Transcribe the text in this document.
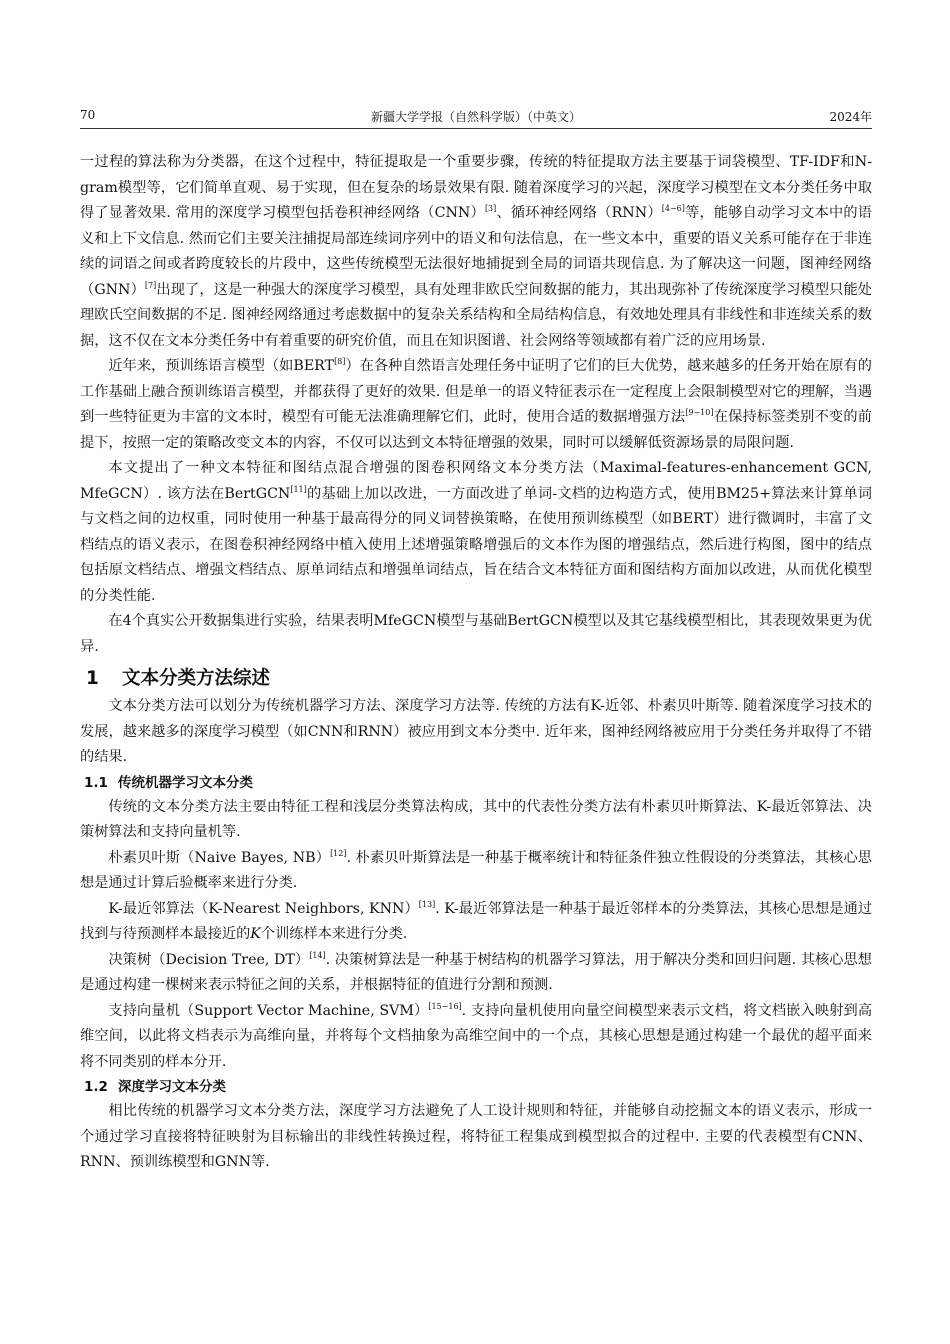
70	新疆大学学报（自然科学版）（中英文）	2024年

一过程的算法称为分类器，在这个过程中，特征提取是一个重要步骤，传统的特征提取方法主要基于词袋模型、TF-IDF和N-gram模型等，它们简单直观、易于实现，但在复杂的场景效果有限. 随着深度学习的兴起，深度学习模型在文本分类任务中取得了显著效果. 常用的深度学习模型包括卷积神经网络（CNN）[3]、循环神经网络（RNN）[4−6]等，能够自动学习文本中的语义和上下文信息. 然而它们主要关注捕捉局部连续词序列中的语义和句法信息，在一些文本中，重要的语义关系可能存在于非连续的词语之间或者跨度较长的片段中，这些传统模型无法很好地捕捉到全局的词语共现信息. 为了解决这一问题，图神经网络（GNN）[7]出现了，这是一种强大的深度学习模型，具有处理非欧氏空间数据的能力，其出现弥补了传统深度学习模型只能处理欧氏空间数据的不足. 图神经网络通过考虑数据中的复杂关系结构和全局结构信息，有效地处理具有非线性和非连续关系的数据，这不仅在文本分类任务中有着重要的研究价值，而且在知识图谱、社会网络等领域都有着广泛的应用场景.

近年来，预训练语言模型（如BERT[8]）在各种自然语言处理任务中证明了它们的巨大优势，越来越多的任务开始在原有的工作基础上融合预训练语言模型，并都获得了更好的效果. 但是单一的语义特征表示在一定程度上会限制模型对它的理解，当遇到一些特征更为丰富的文本时，模型有可能无法准确理解它们，此时，使用合适的数据增强方法[9−10]在保持标签类别不变的前提下，按照一定的策略改变文本的内容，不仅可以达到文本特征增强的效果，同时可以缓解低资源场景的局限问题.

本文提出了一种文本特征和图结点混合增强的图卷积网络文本分类方法（Maximal-features-enhancement GCN, MfeGCN）. 该方法在BertGCN[11]的基础上加以改进，一方面改进了单词-文档的边构造方式，使用BM25+算法来计算单词与文档之间的边权重，同时使用一种基于最高得分的同义词替换策略，在使用预训练模型（如BERT）进行微调时，丰富了文档结点的语义表示，在图卷积神经网络中植入使用上述增强策略增强后的文本作为图的增强结点，然后进行构图，图中的结点包括原文档结点、增强文档结点、原单词结点和增强单词结点，旨在结合文本特征方面和图结构方面加以改进，从而优化模型的分类性能.

在4个真实公开数据集进行实验，结果表明MfeGCN模型与基础BertGCN模型以及其它基线模型相比，其表现效果更为优异.

1 文本分类方法综述

文本分类方法可以划分为传统机器学习方法、深度学习方法等. 传统的方法有K-近邻、朴素贝叶斯等. 随着深度学习技术的发展，越来越多的深度学习模型（如CNN和RNN）被应用到文本分类中. 近年来，图神经网络被应用于分类任务并取得了不错的结果.

1.1 传统机器学习文本分类

传统的文本分类方法主要由特征工程和浅层分类算法构成，其中的代表性分类方法有朴素贝叶斯算法、K-最近邻算法、决策树算法和支持向量机等.

朴素贝叶斯（Naive Bayes, NB）[12]. 朴素贝叶斯算法是一种基于概率统计和特征条件独立性假设的分类算法，其核心思想是通过计算后验概率来进行分类.

K-最近邻算法（K-Nearest Neighbors, KNN）[13]. K-最近邻算法是一种基于最近邻样本的分类算法，其核心思想是通过找到与待预测样本最接近的K个训练样本来进行分类.

决策树（Decision Tree, DT）[14]. 决策树算法是一种基于树结构的机器学习算法，用于解决分类和回归问题. 其核心思想是通过构建一棵树来表示特征之间的关系，并根据特征的值进行分割和预测.

支持向量机（Support Vector Machine, SVM）[15−16]. 支持向量机使用向量空间模型来表示文档，将文档嵌入映射到高维空间，以此将文档表示为高维向量，并将每个文档抽象为高维空间中的一个点，其核心思想是通过构建一个最优的超平面来将不同类别的样本分开.

1.2 深度学习文本分类

相比传统的机器学习文本分类方法，深度学习方法避免了人工设计规则和特征，并能够自动挖掘文本的语义表示，形成一个通过学习直接将特征映射为目标输出的非线性转换过程，将特征工程集成到模型拟合的过程中. 主要的代表模型有CNN、RNN、预训练模型和GNN等.
